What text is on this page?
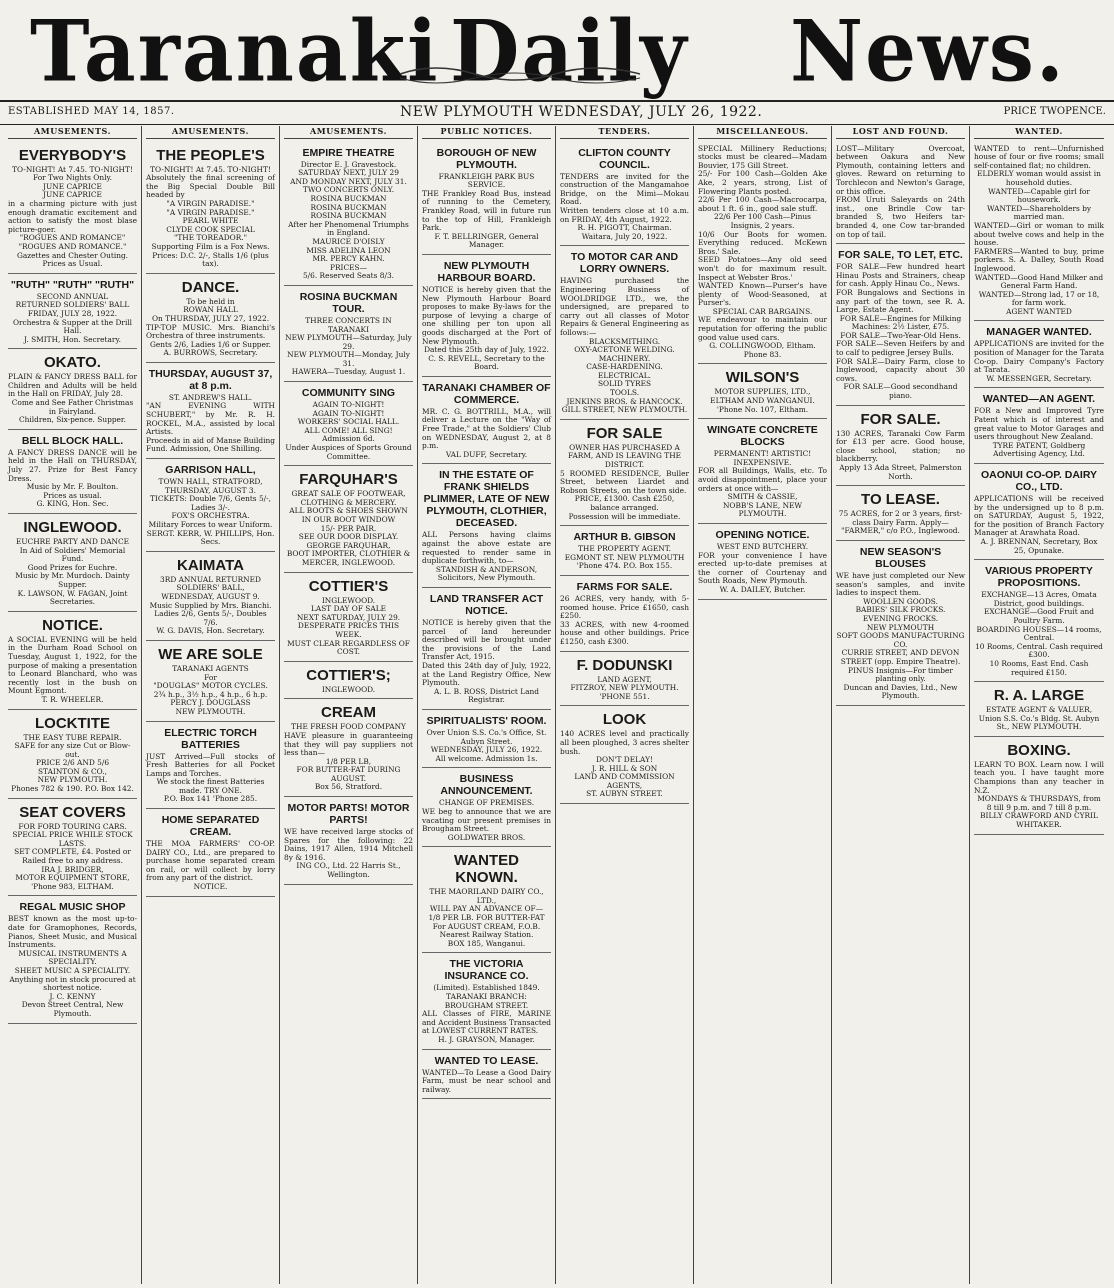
Taranaki Daily News.
ESTABLISHED MAY 14, 1857.	NEW PLYMOUTH WEDNESDAY, JULY 26, 1922.	PRICE TWOPENCE.
AMUSEMENTS.
EVERYBODY'S
TO-NIGHT! At 7.45. TO-NIGHT!
For Two Nights Only.
JUNE CAPRICE
JUNE CAPRICE
in a charming picture with just enough dramatic excitement and action to satisfy the most blase picture-goer.
"ROGUES AND ROMANCE"
"ROGUES AND ROMANCE."
Gazettes and Chester Outing.
Prices as Usual.
"RUTH" "RUTH" "RUTH"
SECOND ANNUAL
RETURNED SOLDIERS' BALL
FRIDAY, JULY 28, 1922.
Orchestra & Supper at the Drill Hall.
J. SMITH, Hon. Secretary.
OKATO.
PLAIN & FANCY DRESS BALL for Children and Adults will be held in the Hall on FRIDAY, July 28.
Come and See Father Christmas in Fairyland.
Children, Six-pence. Supper.
BELL BLOCK HALL.
A FANCY DRESS DANCE will be held in the Hall on THURSDAY, July 27. Prize for Best Fancy Dress.
Music by Mr. F. Boulton.
Prices as usual.
G. KING, Hon. Sec.
INGLEWOOD.
EUCHRE PARTY AND DANCE
In Aid of Soldiers' Memorial Fund.
Good Prizes for Euchre.
Music by Mr. Murdoch. Dainty Supper.
K. LAWSON, W. FAGAN, Joint Secretaries.
NOTICE.
A SOCIAL EVENING will be held in the Durham Road School on Tuesday, August 1, 1922, for the purpose of making a presentation to Leonard Blanchard, who was recently lost in the bush on Mount Egmont.
T. R. WHEELER.
LOCKTITE
THE EASY TUBE REPAIR.
SAFE for any size Cut or Blow-out.
PRICE 2/6 AND 5/6
STAINTON & CO.,
NEW PLYMOUTH.
Phones 782 & 190. P.O. Box 142.
SEAT COVERS
FOR FORD TOURING CARS.
SPECIAL PRICE WHILE STOCK LASTS.
SET COMPLETE, £4. Posted or Railed free to any address.
IRA J. BRIDGER,
MOTOR EQUIPMENT STORE,
'Phone 983, ELTHAM.
REGAL MUSIC SHOP
BEST known as the most up-to-date for Gramophones, Records, Pianos, Sheet Music, and Musical Instruments.
MUSICAL INSTRUMENTS A SPECIALITY.
SHEET MUSIC A SPECIALITY.
Anything not in stock procured at shortest notice.
J. C. KENNY
Devon Street Central, New Plymouth.
AMUSEMENTS.
THE PEOPLE'S
TO-NIGHT! At 7.45. TO-NIGHT!
Absolutely the final screening of the Big Special Double Bill headed by
"A VIRGIN PARADISE."
"A VIRGIN PARADISE."
PEARL WHITE
CLYDE COOK SPECIAL
"THE TOREADOR."
Supporting Film is a Fox News.
Prices: D.C. 2/-, Stalls 1/6 (plus tax).
DANCE.
To be held in
ROWAN HALL
On THURSDAY, JULY 27, 1922.
TIP-TOP MUSIC. Mrs. Bianchi's Orchestra of three instruments.
Gents 2/6, Ladies 1/6 or Supper.
A. BURROWS, Secretary.
THURSDAY, AUGUST 37, at 8 p.m.
ST. ANDREW'S HALL.
"AN EVENING WITH SCHUBERT," by Mr. R. H. ROCKEL, M.A., assisted by local Artists.
Proceeds in aid of Manse Building Fund. Admission, One Shilling.
GARRISON HALL,
TOWN HALL, STRATFORD,
THURSDAY, AUGUST 3.
TICKETS: Double 7/6, Gents 5/-, Ladies 3/-.
FOX'S ORCHESTRA.
Military Forces to wear Uniform.
SERGT. KERR, W. PHILLIPS, Hon. Secs.
KAIMATA
3RD ANNUAL RETURNED SOLDIERS' BALL,
WEDNESDAY, AUGUST 9.
Music Supplied by Mrs. Bianchi.
Ladies 2/6, Gents 5/-, Doubles 7/6.
W. G. DAVIS, Hon. Secretary.
WE ARE SOLE
TARANAKI AGENTS
For
"DOUGLAS" MOTOR CYCLES.
2¾ h.p., 3½ h.p., 4 h.p., 6 h.p.
PERCY J. DOUGLASS
NEW PLYMOUTH.
ELECTRIC TORCH BATTERIES
JUST Arrived—Full stocks of Fresh Batteries for all Pocket Lamps and Torches.
We stock the finest Batteries made. TRY ONE.
P.O. Box 141 'Phone 285.
HOME SEPARATED CREAM.
THE MOA FARMERS' CO-OP. DAIRY CO., Ltd., are prepared to purchase home separated cream on rail, or will collect by lorry from any part of the district.
NOTICE.
AMUSEMENTS.
EMPIRE THEATRE
Director E. J. Gravestock.
SATURDAY NEXT, JULY 29
AND MONDAY NEXT, JULY 31.
TWO CONCERTS ONLY.
ROSINA BUCKMAN
ROSINA BUCKMAN
ROSINA BUCKMAN
After her Phenomenal Triumphs in England.
MAURICE D'OISLY
MISS ADELINA LEON
MR. PERCY KAHN.
PRICES—
5/6. Reserved Seats 8/3.
ROSINA BUCKMAN TOUR.
THREE CONCERTS IN TARANAKI
NEW PLYMOUTH—Saturday, July 29.
NEW PLYMOUTH—Monday, July 31.
HAWERA—Tuesday, August 1.
COMMUNITY SING
AGAIN TO-NIGHT!
AGAIN TO-NIGHT!
WORKERS' SOCIAL HALL.
ALL COME! ALL SING!
Admission 6d.
Under Auspices of Sports Ground Committee.
FARQUHAR'S
GREAT SALE OF FOOTWEAR, CLOTHING & MERCERY.
ALL BOOTS & SHOES SHOWN IN OUR BOOT WINDOW
15/- PER PAIR.
SEE OUR DOOR DISPLAY.
GEORGE FARQUHAR,
BOOT IMPORTER, CLOTHIER & MERCER, INGLEWOOD.
COTTIER'S
INGLEWOOD.
LAST DAY OF SALE
NEXT SATURDAY, JULY 29.
DESPERATE PRICES THIS WEEK.
MUST CLEAR REGARDLESS OF COST.
COTTIER'S;
INGLEWOOD.
CREAM
THE FRESH FOOD COMPANY
HAVE pleasure in guaranteeing that they will pay suppliers not less than—
1/8 PER LB,
FOR BUTTER-FAT DURING AUGUST.
Box 56, Stratford.
MOTOR PARTS! MOTOR PARTS!
WE have received large stocks of Spares for the following: 22 Dains, 1917 Allen, 1914 Mitchell 8y & 1916.
ING CO., Ltd. 22 Harris St., Wellington.
PUBLIC NOTICES.
BOROUGH OF NEW PLYMOUTH.
FRANKLEIGH PARK BUS SERVICE.
THE Frankley Road Bus, instead of running to the Cemetery, Frankley Road, will in future run to the top of Hill, Frankleigh Park.
F. T. BELLRINGER, General Manager.
NEW PLYMOUTH HARBOUR BOARD.
NOTICE is hereby given that the New Plymouth Harbour Board proposes to make By-laws for the purpose of levying a charge of one shilling per ton upon all goods discharged at the Port of New Plymouth.
Dated this 25th day of July, 1922.
C. S. REVELL, Secretary to the Board.
TARANAKI CHAMBER OF COMMERCE.
MR. C. G. BOTTRILL, M.A., will deliver a Lecture on the "Way of Free Trade," at the Soldiers' Club on WEDNESDAY, August 2, at 8 p.m.
VAL DUFF, Secretary.
IN THE ESTATE OF FRANK SHIELDS PLIMMER, LATE OF NEW PLYMOUTH, CLOTHIER, DECEASED.
ALL Persons having claims against the above estate are requested to render same in duplicate forthwith, to—
STANDISH & ANDERSON, Solicitors, New Plymouth.
LAND TRANSFER ACT NOTICE.
NOTICE is hereby given that the parcel of land hereunder described will be brought under the provisions of the Land Transfer Act, 1915.
Dated this 24th day of July, 1922, at the Land Registry Office, New Plymouth.
A. L. B. ROSS, District Land Registrar.
SPIRITUALISTS' ROOM.
Over Union S.S. Co.'s Office, St. Aubyn Street.
WEDNESDAY, JULY 26, 1922.
All welcome. Admission 1s.
BUSINESS ANNOUNCEMENT.
CHANGE OF PREMISES.
WE beg to announce that we are vacating our present premises in Brougham Street.
GOLDWATER BROS.
WANTED KNOWN.
THE MAORILAND DAIRY CO., LTD.,
WILL PAY AN ADVANCE OF—
1/8 PER LB. FOR BUTTER-FAT
For AUGUST CREAM, F.O.B. Nearest Railway Station.
BOX 185, Wanganui.
THE VICTORIA INSURANCE CO.
(Limited). Established 1849.
TARANAKI BRANCH: BROUGHAM STREET.
ALL Classes of FIRE, MARINE and Accident Business Transacted at LOWEST CURRENT RATES.
H. J. GRAYSON, Manager.
WANTED TO LEASE.
WANTED—To Lease a Good Dairy Farm, must be near school and railway.
TENDERS.
CLIFTON COUNTY COUNCIL.
TENDERS are invited for the construction of the Mangamahoe Bridge, on the Mimi—Mokau Road.
Written tenders close at 10 a.m. on FRIDAY, 4th August, 1922.
R. H. PIGOTT, Chairman.
Waitara, July 20, 1922.
TO MOTOR CAR AND LORRY OWNERS.
HAVING purchased the Engineering Business of WOOLDRIDGE LTD., we, the undersigned, are prepared to carry out all classes of Motor Repairs & General Engineering as follows:—
BLACKSMITHING.
OXY-ACETONE WELDING.
MACHINERY.
CASE-HARDENING.
ELECTRICAL.
SOLID TYRES
TOOLS.
JENKINS BROS. & HANCOCK.
GILL STREET, NEW PLYMOUTH.
FOR SALE
OWNER HAS PURCHASED A FARM, AND IS LEAVING THE DISTRICT.
5 ROOMED RESIDENCE, Buller Street, between Liardet and Robson Streets, on the town side.
PRICE, £1300. Cash £250, balance arranged.
Possession will be immediate.
ARTHUR B. GIBSON
THE PROPERTY AGENT.
EGMONT ST. NEW PLYMOUTH
'Phone 474. P.O. Box 155.
FARMS FOR SALE.
26 ACRES, very handy, with 5-roomed house. Price £1650, cash £250.
33 ACRES, with new 4-roomed house and other buildings. Price £1250, cash £300.
F. DODUNSKI
LAND AGENT,
FITZROY, NEW PLYMOUTH.
'PHONE 551.
LOOK
140 ACRES level and practically all been ploughed, 3 acres shelter bush.
DON'T DELAY!
J. R. HILL & SON
LAND AND COMMISSION AGENTS,
ST. AUBYN STREET.
MISCELLANEOUS.
SPECIAL Millinery Reductions; stocks must be cleared—Madam Bouvier, 175 Gill Street.
25/- For 100 Cash—Golden Ake Ake, 2 years, strong, List of Flowering Plants posted.
22/6 Per 100 Cash—Macrocarpa, about 1 ft. 6 in., good sale stuff.
22/6 Per 100 Cash—Pinus Insignis, 2 years.
10/6 Our Boots for women. Everything reduced. McKewn Bros.' Sale.
SEED Potatoes—Any old seed won't do for maximum result. Inspect at Webster Bros.'
WANTED Known—Purser's have plenty of Wood-Seasoned, at Purser's.
SPECIAL CAR BARGAINS.
WE endeavour to maintain our reputation for offering the public good value used cars.
G. COLLINGWOOD, Eltham. Phone 83.
WILSON'S
MOTOR SUPPLIES, LTD.,
ELTHAM AND WANGANUI.
'Phone No. 107, Eltham.
WINGATE CONCRETE BLOCKS
PERMANENT! ARTISTIC! INEXPENSIVE.
FOR all Buildings, Walls, etc. To avoid disappointment, place your orders at once with—
SMITH & CASSIE,
NOBB'S LANE, NEW PLYMOUTH.
OPENING NOTICE.
WEST END BUTCHERY.
FOR your convenience I have erected up-to-date premises at the corner of Courtenay and South Roads, New Plymouth.
W. A. DAILEY, Butcher.
LOST AND FOUND.
LOST—Military Overcoat, between Oakura and New Plymouth, containing letters and gloves. Reward on returning to Torchlecon and Newton's Garage, or this office.
FROM Uruti Saleyards on 24th inst., one Brindle Cow tar-branded S, two Heifers tar-branded 4, one Cow tar-branded on top of tail.
FOR SALE, TO LET, ETC.
FOR SALE—Few hundred heart Hinau Posts and Strainers, cheap for cash. Apply Hinau Co., News.
FOR Bungalows and Sections in any part of the town, see R. A. Large, Estate Agent.
FOR SALE—Engines for Milking Machines: 2½ Lister, £75.
FOR SALE—Two-Year-Old Hens.
FOR SALE—Seven Heifers by and to calf to pedigree Jersey Bulls.
FOR SALE—Dairy Farm, close to Inglewood, capacity about 30 cows.
FOR SALE—Good secondhand piano.
FOR SALE.
130 ACRES, Taranaki Cow Farm for £13 per acre. Good house, close school, station; no blackberry.
Apply 13 Ada Street, Palmerston North.
TO LEASE.
75 ACRES, for 2 or 3 years, first-class Dairy Farm. Apply—
"FARMER," c/o P.O., Inglewood.
NEW SEASON'S BLOUSES
WE have just completed our New season's samples, and invite ladies to inspect them.
WOOLLEN GOODS.
BABIES' SILK FROCKS.
EVENING FROCKS.
NEW PLYMOUTH
SOFT GOODS MANUFACTURING CO.
CURRIE STREET, AND DEVON STREET (opp. Empire Theatre).
PINUS Insignis—For timber planting only.
Duncan and Davies, Ltd., New Plymouth.
WANTED.
WANTED to rent—Unfurnished house of four or five rooms; small self-contained flat; no children.
ELDERLY woman would assist in household duties.
WANTED—Capable girl for housework.
WANTED—Shareholders by married man.
WANTED—Girl or woman to milk about twelve cows and help in the house.
FARMERS—Wanted to buy, prime porkers. S. A. Dalley, South Road Inglewood.
WANTED—Good Hand Milker and General Farm Hand.
WANTED—Strong lad, 17 or 18, for farm work.
AGENT WANTED
MANAGER WANTED.
APPLICATIONS are invited for the position of Manager for the Tarata Co-op. Dairy Company's Factory at Tarata.
W. MESSENGER, Secretary.
WANTED—AN AGENT.
FOR a New and Improved Tyre Patent which is of interest and great value to Motor Garages and users throughout New Zealand.
TYRE PATENT, Goldberg Advertising Agency, Ltd.
OAONUI CO-OP. DAIRY CO., LTD.
APPLICATIONS will be received by the undersigned up to 8 p.m. on SATURDAY, August 5, 1922, for the position of Branch Factory Manager at Arawhata Road.
A. J. BRENNAN, Secretary, Box 25, Opunake.
VARIOUS PROPERTY PROPOSITIONS.
EXCHANGE—13 Acres, Omata District, good buildings.
EXCHANGE—Good Fruit and Poultry Farm.
BOARDING HOUSES—14 rooms, Central.
10 Rooms, Central. Cash required £300.
10 Rooms, East End. Cash required £150.
R. A. LARGE
ESTATE AGENT & VALUER,
Union S.S. Co.'s Bldg. St. Aubyn St., NEW PLYMOUTH.
BOXING.
LEARN TO BOX. Learn now. I will teach you. I have taught more Champions than any teacher in N.Z.
MONDAYS & THURSDAYS, from 8 till 9 p.m. and 7 till 8 p.m.
BILLY CRAWFORD AND CYRIL WHITAKER.
